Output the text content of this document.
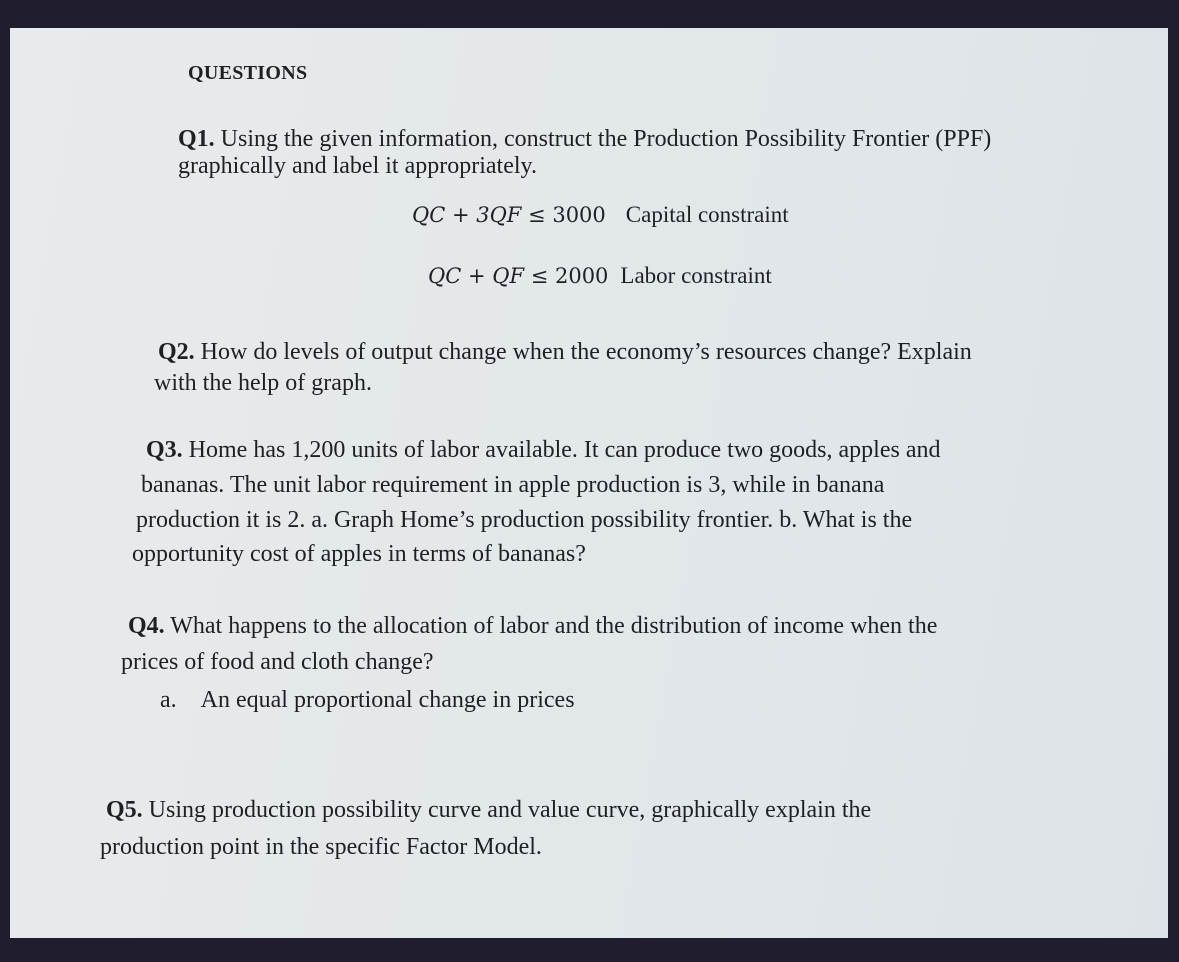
QUESTIONS
Q1. Using the given information, construct the Production Possibility Frontier (PPF)
graphically and label it appropriately.
QC + 3QF ≤ 3000 Capital constraint
QC + QF ≤ 2000 Labor constraint
Q2. How do levels of output change when the economy’s resources change? Explain
with the help of graph.
Q3. Home has 1,200 units of labor available. It can produce two goods, apples and
bananas. The unit labor requirement in apple production is 3, while in banana
production it is 2. a. Graph Home’s production possibility frontier. b. What is the
opportunity cost of apples in terms of bananas?
Q4. What happens to the allocation of labor and the distribution of income when the
prices of food and cloth change?
a. An equal proportional change in prices
Q5. Using production possibility curve and value curve, graphically explain the
production point in the specific Factor Model.
